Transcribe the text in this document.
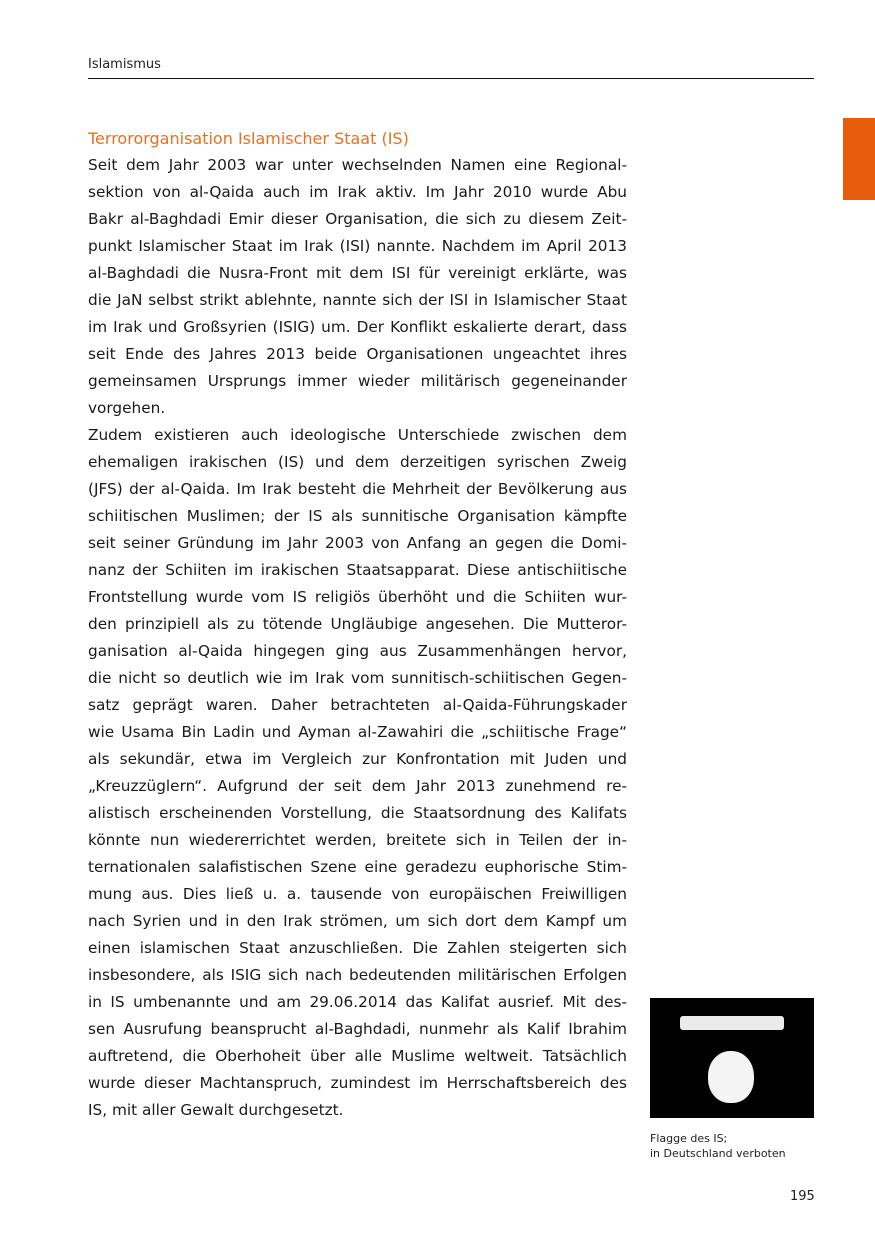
Islamismus
Terrororganisation Islamischer Staat (IS)
Seit dem Jahr 2003 war unter wechselnden Namen eine Regional-
sektion von al-Qaida auch im Irak aktiv. Im Jahr 2010 wurde Abu
Bakr al-Baghdadi Emir dieser Organisation, die sich zu diesem Zeit-
punkt Islamischer Staat im Irak (ISI) nannte. Nachdem im April 2013
al-Baghdadi die Nusra-Front mit dem ISI für vereinigt erklärte, was
die JaN selbst strikt ablehnte, nannte sich der ISI in Islamischer Staat
im Irak und Großsyrien (ISIG) um. Der Konflikt eskalierte derart, dass
seit Ende des Jahres 2013 beide Organisationen ungeachtet ihres
gemeinsamen Ursprungs immer wieder militärisch gegeneinander
vorgehen.
Zudem existieren auch ideologische Unterschiede zwischen dem
ehemaligen irakischen (IS) und dem derzeitigen syrischen Zweig
(JFS) der al-Qaida. Im Irak besteht die Mehrheit der Bevölkerung aus
schiitischen Muslimen; der IS als sunnitische Organisation kämpfte
seit seiner Gründung im Jahr 2003 von Anfang an gegen die Domi-
nanz der Schiiten im irakischen Staatsapparat. Diese antischiitische
Frontstellung wurde vom IS religiös überhöht und die Schiiten wur-
den prinzipiell als zu tötende Ungläubige angesehen. Die Mutteror-
ganisation al-Qaida hingegen ging aus Zusammenhängen hervor,
die nicht so deutlich wie im Irak vom sunnitisch-schiitischen Gegen-
satz geprägt waren. Daher betrachteten al-Qaida-Führungskader
wie Usama Bin Ladin und Ayman al-Zawahiri die „schiitische Frage“
als sekundär, etwa im Vergleich zur Konfrontation mit Juden und
„Kreuzzüglern“. Aufgrund der seit dem Jahr 2013 zunehmend re-
alistisch erscheinenden Vorstellung, die Staatsordnung des Kalifats
könnte nun wiedererrichtet werden, breitete sich in Teilen der in-
ternationalen salafistischen Szene eine geradezu euphorische Stim-
mung aus. Dies ließ u. a. tausende von europäischen Freiwilligen
nach Syrien und in den Irak strömen, um sich dort dem Kampf um
einen islamischen Staat anzuschließen. Die Zahlen steigerten sich
insbesondere, als ISIG sich nach bedeutenden militärischen Erfolgen
in IS umbenannte und am 29.06.2014 das Kalifat ausrief. Mit des-
sen Ausrufung beansprucht al-Baghdadi, nunmehr als Kalif Ibrahim
auftretend, die Oberhoheit über alle Muslime weltweit. Tatsächlich
wurde dieser Machtanspruch, zumindest im Herrschaftsbereich des
IS, mit aller Gewalt durchgesetzt.
Flagge des IS;
in Deutschland verboten
195
